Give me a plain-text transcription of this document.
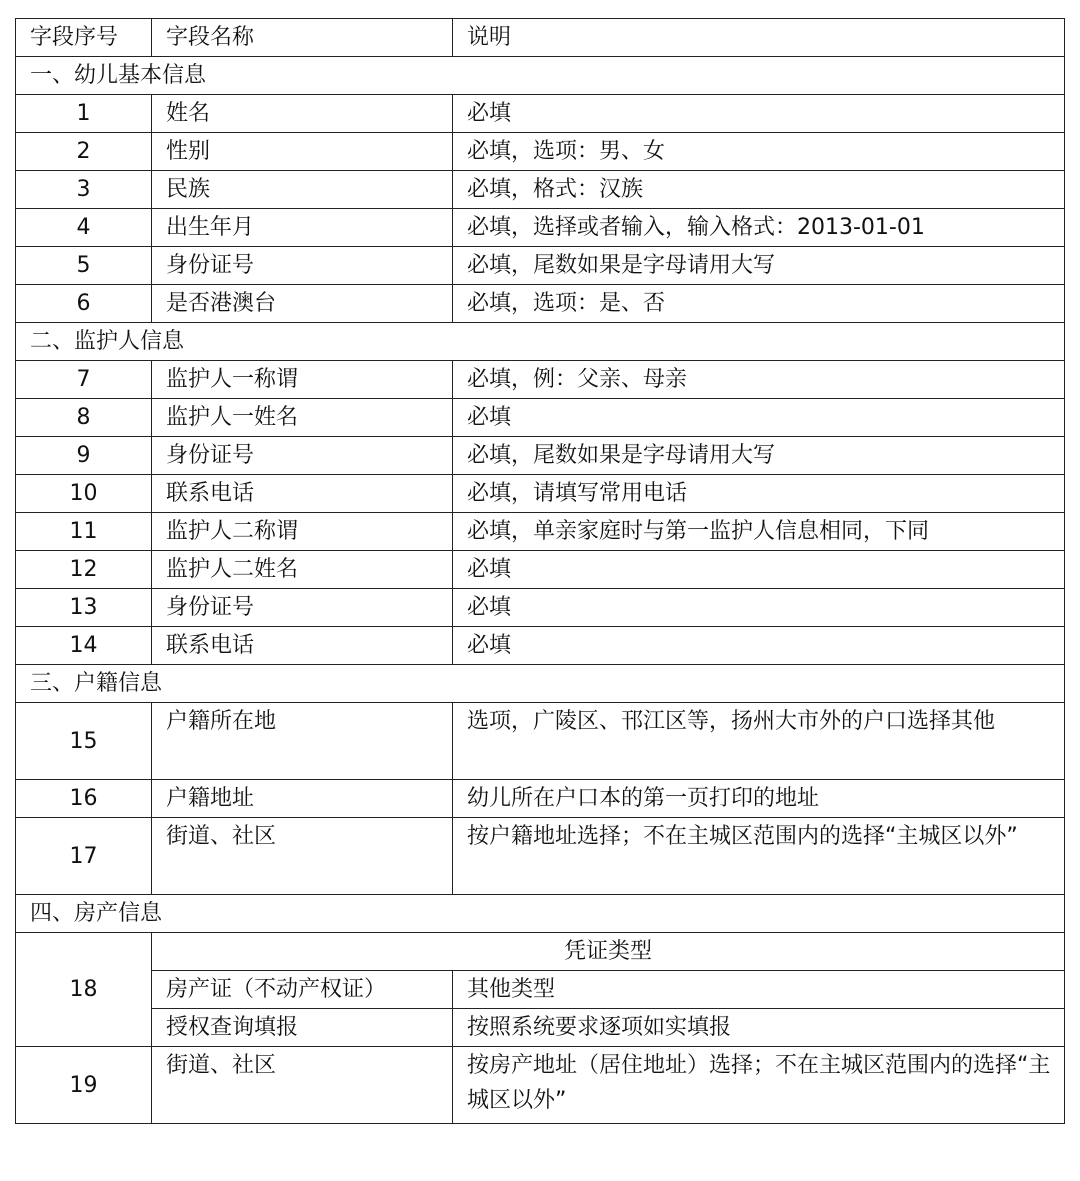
字段序号	字段名称	说明
一、幼儿基本信息		
1	姓名	必填
2	性别	必填，选项：男、女
3	民族	必填，格式：汉族
4	出生年月	必填，选择或者输入，输入格式：2013-01-01
5	身份证号	必填，尾数如果是字母请用大写
6	是否港澳台	必填，选项：是、否
二、监护人信息		
7	监护人一称谓	必填，例：父亲、母亲
8	监护人一姓名	必填
9	身份证号	必填，尾数如果是字母请用大写
10	联系电话	必填，请填写常用电话
11	监护人二称谓	必填，单亲家庭时与第一监护人信息相同，下同
12	监护人二姓名	必填
13	身份证号	必填
14	联系电话	必填
三、户籍信息		
15	户籍所在地	选项，广陵区、邗江区等，扬州大市外的户口选择其他
16	户籍地址	幼儿所在户口本的第一页打印的地址
17	街道、社区	按户籍地址选择；不在主城区范围内的选择“主城区以外”
四、房产信息		
18	凭证类型	
	房产证（不动产权证）	其他类型
	授权查询填报	按照系统要求逐项如实填报
19	街道、社区	按房产地址（居住地址）选择；不在主城区范围内的选择“主城区以外”
